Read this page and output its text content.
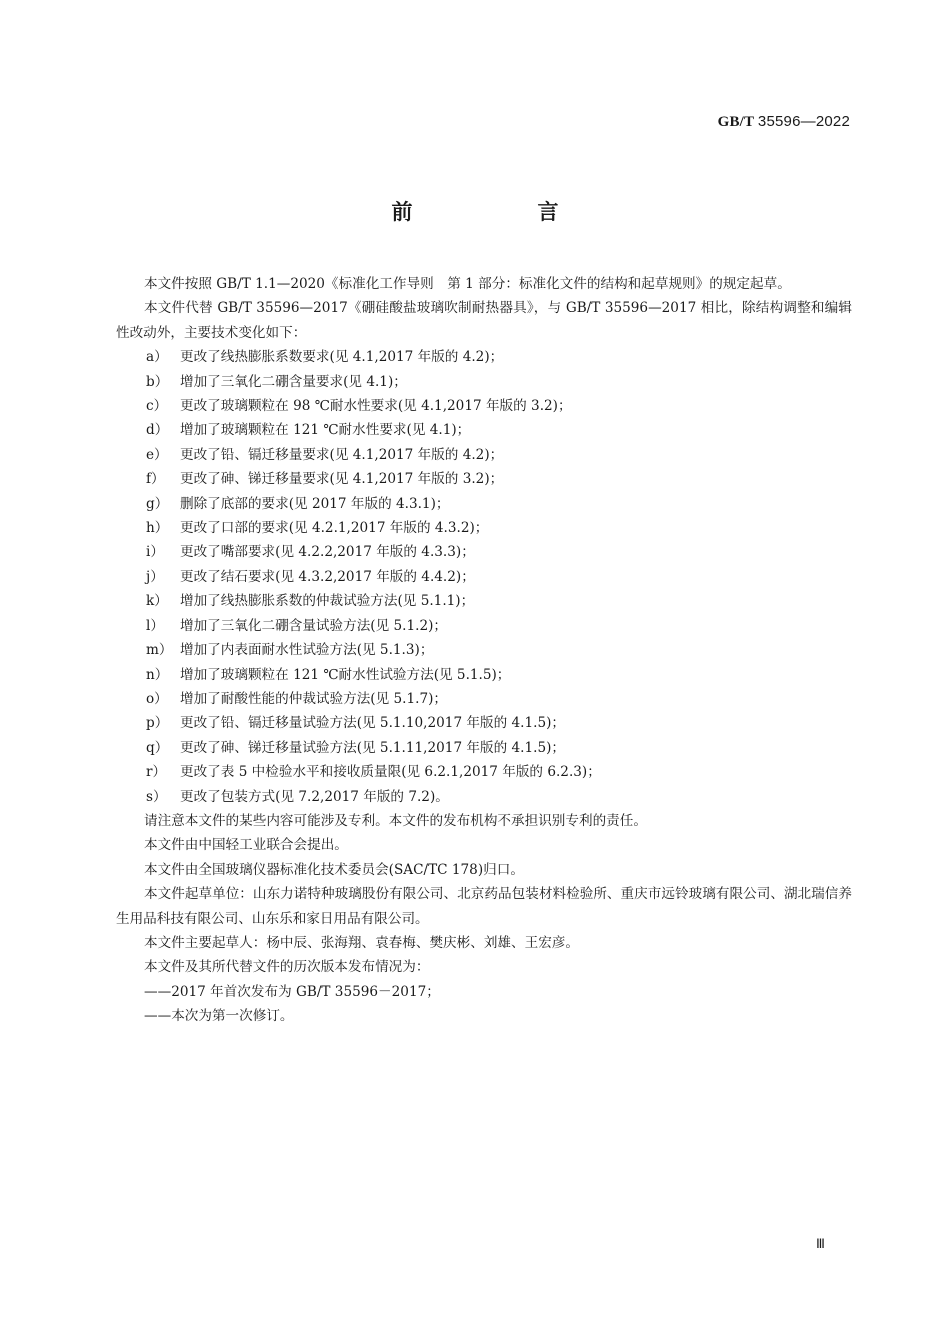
GB/T 35596—2022
前　言

本文件按照 GB/T 1.1—2020《标准化工作导则　第 1 部分：标准化文件的结构和起草规则》的规定起草。

本文件代替 GB/T 35596—2017《硼硅酸盐玻璃吹制耐热器具》，与 GB/T 35596—2017 相比，除结构调整和编辑性改动外，主要技术变化如下：

a） 更改了线热膨胀系数要求(见 4.1,2017 年版的 4.2)；

b） 增加了三氧化二硼含量要求(见 4.1)；

c） 更改了玻璃颗粒在 98 ℃耐水性要求(见 4.1,2017 年版的 3.2)；

d） 增加了玻璃颗粒在 121 ℃耐水性要求(见 4.1)；

e） 更改了铅、镉迁移量要求(见 4.1,2017 年版的 4.2)；

f） 更改了砷、锑迁移量要求(见 4.1,2017 年版的 3.2)；

g） 删除了底部的要求(见 2017 年版的 4.3.1)；

h） 更改了口部的要求(见 4.2.1,2017 年版的 4.3.2)；

i） 更改了嘴部要求(见 4.2.2,2017 年版的 4.3.3)；

j） 更改了结石要求(见 4.3.2,2017 年版的 4.4.2)；

k） 增加了线热膨胀系数的仲裁试验方法(见 5.1.1)；

l） 增加了三氧化二硼含量试验方法(见 5.1.2)；

m） 增加了内表面耐水性试验方法(见 5.1.3)；

n） 增加了玻璃颗粒在 121 ℃耐水性试验方法(见 5.1.5)；

o） 增加了耐酸性能的仲裁试验方法(见 5.1.7)；

p） 更改了铅、镉迁移量试验方法(见 5.1.10,2017 年版的 4.1.5)；

q） 更改了砷、锑迁移量试验方法(见 5.1.11,2017 年版的 4.1.5)；

r） 更改了表 5 中检验水平和接收质量限(见 6.2.1,2017 年版的 6.2.3)；

s） 更改了包装方式(见 7.2,2017 年版的 7.2)。

请注意本文件的某些内容可能涉及专利。本文件的发布机构不承担识别专利的责任。

本文件由中国轻工业联合会提出。

本文件由全国玻璃仪器标准化技术委员会(SAC/TC 178)归口。

本文件起草单位：山东力诺特种玻璃股份有限公司、北京药品包装材料检验所、重庆市远铃玻璃有限公司、湖北瑞信养生用品科技有限公司、山东乐和家日用品有限公司。

本文件主要起草人：杨中辰、张海翔、袁春梅、樊庆彬、刘雄、王宏彦。

本文件及其所代替文件的历次版本发布情况为：

——2017 年首次发布为 GB/T 35596－2017；

——本次为第一次修订。

Ⅲ
